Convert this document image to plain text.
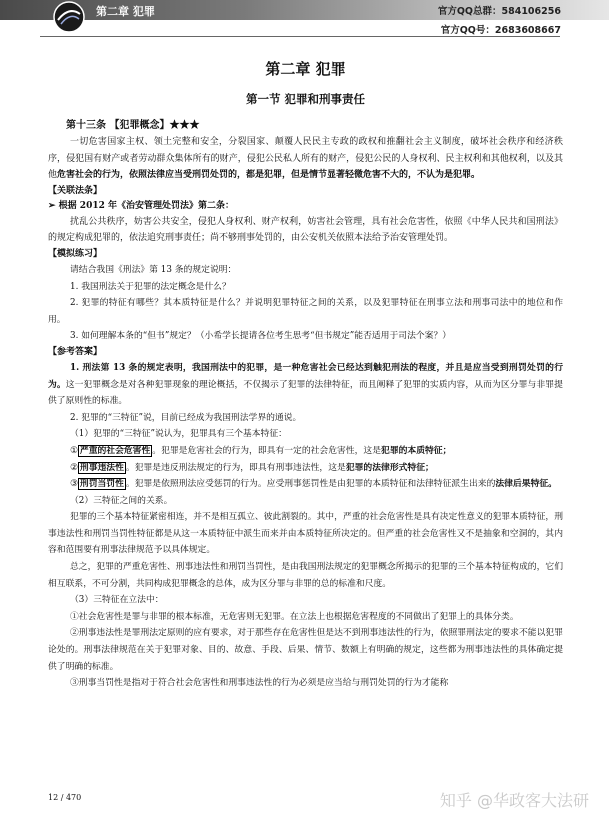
第二章 犯罪	官方QQ总群：584106256
官方QQ号：2683608667
第二章 犯罪
第一节 犯罪和刑事责任
第十三条 【犯罪概念】★★★

一切危害国家主权、领土完整和安全，分裂国家、颠覆人民民主专政的政权和推翻社会主义制度，破坏社会秩序和经济秩序，侵犯国有财产或者劳动群众集体所有的财产，侵犯公民私人所有的财产，侵犯公民的人身权利、民主权利和其他权利，以及其他危害社会的行为，依照法律应当受刑罚处罚的，都是犯罪，但是情节显著轻微危害不大的，不认为是犯罪。

【关联法条】

➢ 根据 2012 年《治安管理处罚法》第二条：

扰乱公共秩序，妨害公共安全，侵犯人身权利、财产权利，妨害社会管理，具有社会危害性，依照《中华人民共和国刑法》的规定构成犯罪的，依法追究刑事责任；尚不够刑事处罚的，由公安机关依照本法给予治安管理处罚。

【模拟练习】

请结合我国《刑法》第 13 条的规定说明：

1. 我国刑法关于犯罪的法定概念是什么？

2. 犯罪的特征有哪些？其本质特征是什么？并说明犯罪特征之间的关系，以及犯罪特征在刑事立法和刑事司法中的地位和作用。

3. 如何理解本条的“但书”规定？（小希学长提请各位考生思考“但书规定”能否适用于司法个案？）

【参考答案】

1. 刑法第 13 条的规定表明，我国刑法中的犯罪，是一种危害社会已经达到触犯刑法的程度，并且是应当受到刑罚处罚的行为。这一犯罪概念是对各种犯罪现象的理论概括，不仅揭示了犯罪的法律特征，而且阐释了犯罪的实质内容，从而为区分罪与非罪提供了原则性的标准。

2. 犯罪的“三特征”说，目前已经成为我国刑法学界的通说。

（1）犯罪的“三特征”说认为，犯罪具有三个基本特征：

① 严重的社会危害性 。犯罪是危害社会的行为，即具有一定的社会危害性，这是犯罪的本质特征；

② 刑事违法性 。犯罪是违反刑法规定的行为，即具有刑事违法性，这是犯罪的法律形式特征；

③ 刑罚当罚性 。犯罪是依照刑法应受惩罚的行为。应受刑事惩罚性是由犯罪的本质特征和法律特征派生出来的法律后果特征。

（2）三特征之间的关系。

犯罪的三个基本特征紧密相连，并不是相互孤立、彼此割裂的。其中，严重的社会危害性是具有决定性意义的犯罪本质特征，刑事违法性和刑罚当罚性特征都是从这一本质特征中派生而来并由本质特征所决定的。但严重的社会危害性又不是抽象和空洞的，其内容和范围要有刑事法律规范予以具体规定。

总之，犯罪的严重危害性、刑事违法性和刑罚当罚性，是由我国刑法规定的犯罪概念所揭示的犯罪的三个基本特征构成的，它们相互联系，不可分割，共同构成犯罪概念的总体，成为区分罪与非罪的总的标准和尺度。

（3）三特征在立法中：

①社会危害性是罪与非罪的根本标准，无危害则无犯罪。在立法上也根据危害程度的不同做出了犯罪上的具体分类。

②刑事违法性是罪刑法定原则的应有要求，对于那些存在危害性但是达不到刑事违法性的行为，依照罪刑法定的要求不能以犯罪论处的。刑事法律规范在关于犯罪对象、目的、故意、手段、后果、情节、数额上有明确的规定，这些都为刑事违法性的具体确定提供了明确的标准。

③刑事当罚性是指对于符合社会危害性和刑事违法性的行为必须是应当给与刑罚处罚的行为才能称

12 / 470	知乎 @华政客大法研
